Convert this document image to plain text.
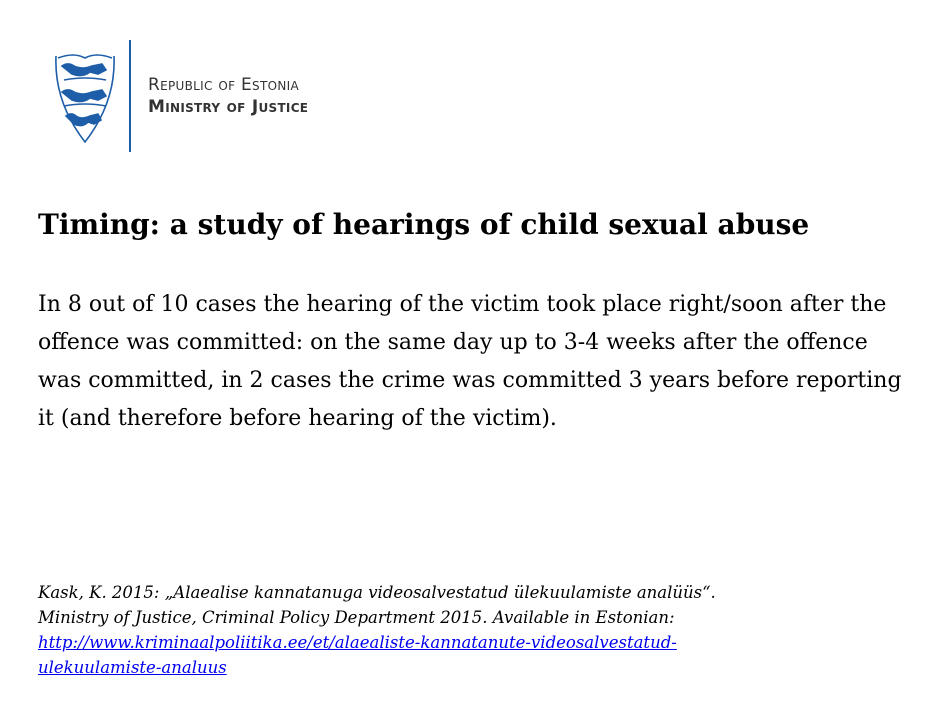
Republic of Estonia
Ministry of Justice
Timing: a study of hearings of child sexual abuse
In 8 out of 10 cases the hearing of the victim took place right/soon after the offence was committed: on the same day up to 3-4 weeks after the offence was committed, in 2 cases the crime was committed 3 years before reporting it (and therefore before hearing of the victim).
Kask, K. 2015: „Alaealise kannatanuga videosalvestatud ülekuulamiste analüüs“.
Ministry of Justice, Criminal Policy Department 2015. Available in Estonian:
http://www.kriminaalpoliitika.ee/et/alaealiste-kannatanute-videosalvestatud-
ulekuulamiste-analuus
